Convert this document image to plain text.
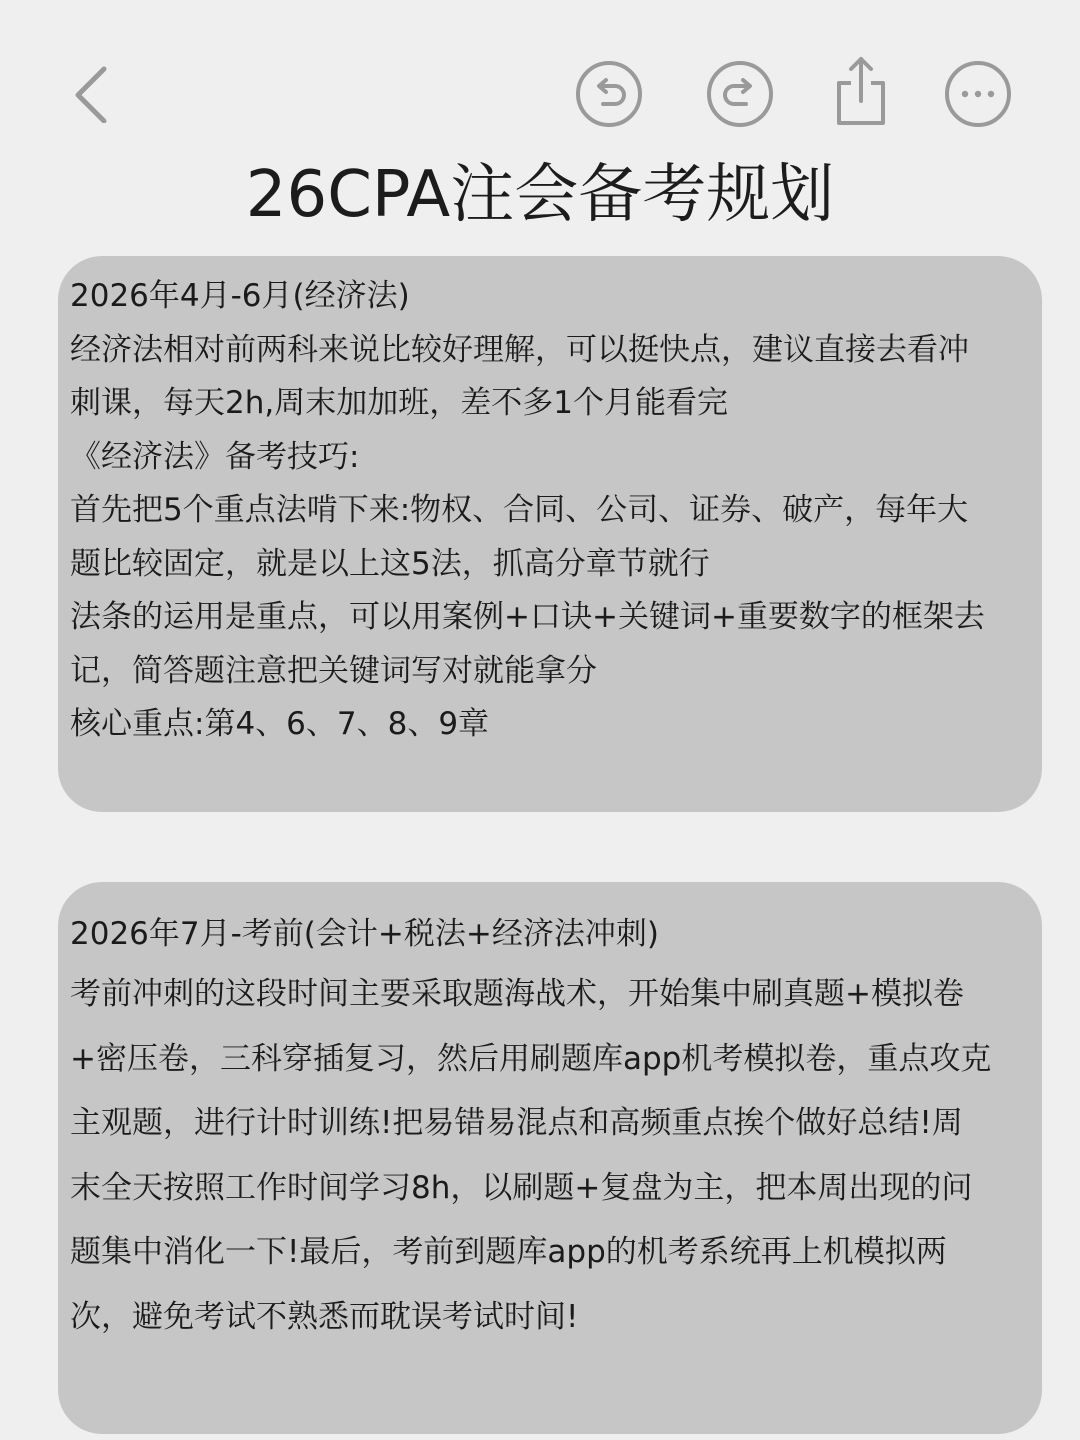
26CPA注会备考规划
2026年4月-6月(经济法)
经济法相对前两科来说比较好理解，可以挺快点，建议直接去看冲
刺课，每天2h,周末加加班，差不多1个月能看完
《经济法》备考技巧:
首先把5个重点法啃下来:物权、合同、公司、证券、破产，每年大
题比较固定，就是以上这5法，抓高分章节就行
法条的运用是重点，可以用案例+口诀+关键词+重要数字的框架去
记，简答题注意把关键词写对就能拿分
核心重点:第4、6、7、8、9章
2026年7月-考前(会计+税法+经济法冲刺)
考前冲刺的这段时间主要采取题海战术，开始集中刷真题+模拟卷
+密压卷，三科穿插复习，然后用刷题库app机考模拟卷，重点攻克
主观题，进行计时训练!把易错易混点和高频重点挨个做好总结!周
末全天按照工作时间学习8h，以刷题+复盘为主，把本周出现的问
题集中消化一下!最后，考前到题库app的机考系统再上机模拟两
次，避免考试不熟悉而耽误考试时间!
